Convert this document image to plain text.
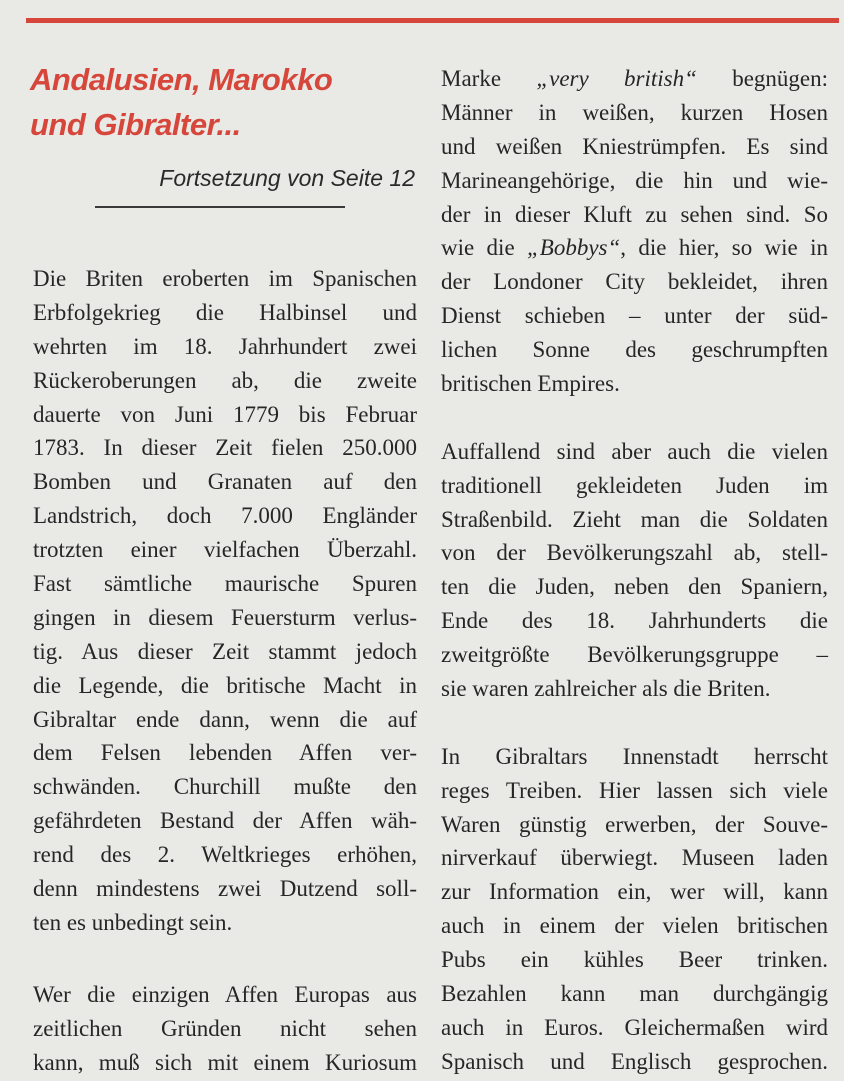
Andalusien, Marokko
und Gibralter...
Fortsetzung von Seite 12
Die Briten eroberten im Spanischen
Erbfolgekrieg die Halbinsel und
wehrten im 18. Jahrhundert zwei
Rückeroberungen ab, die zweite
dauerte von Juni 1779 bis Februar
1783. In dieser Zeit fielen 250.000
Bomben und Granaten auf den
Landstrich, doch 7.000 Engländer
trotzten einer vielfachen Überzahl.
Fast sämtliche maurische Spuren
gingen in diesem Feuersturm verlus-
tig. Aus dieser Zeit stammt jedoch
die Legende, die britische Macht in
Gibraltar ende dann, wenn die auf
dem Felsen lebenden Affen ver-
schwänden. Churchill mußte den
gefährdeten Bestand der Affen wäh-
rend des 2. Weltkrieges erhöhen,
denn mindestens zwei Dutzend soll-
ten es unbedingt sein.
Wer die einzigen Affen Europas aus
zeitlichen Gründen nicht sehen
kann, muß sich mit einem Kuriosum
Marke „very british“ begnügen:
Männer in weißen, kurzen Hosen
und weißen Kniestrümpfen. Es sind
Marineangehörige, die hin und wie-
der in dieser Kluft zu sehen sind. So
wie die „Bobbys“, die hier, so wie in
der Londoner City bekleidet, ihren
Dienst schieben – unter der süd-
lichen Sonne des geschrumpften
britischen Empires.
Auffallend sind aber auch die vielen
traditionell gekleideten Juden im
Straßenbild. Zieht man die Soldaten
von der Bevölkerungszahl ab, stell-
ten die Juden, neben den Spaniern,
Ende des 18. Jahrhunderts die
zweitgrößte Bevölkerungsgruppe –
sie waren zahlreicher als die Briten.
In Gibraltars Innenstadt herrscht
reges Treiben. Hier lassen sich viele
Waren günstig erwerben, der Souve-
nirverkauf überwiegt. Museen laden
zur Information ein, wer will, kann
auch in einem der vielen britischen
Pubs ein kühles Beer trinken.
Bezahlen kann man durchgängig
auch in Euros. Gleichermaßen wird
Spanisch und Englisch gesprochen.
